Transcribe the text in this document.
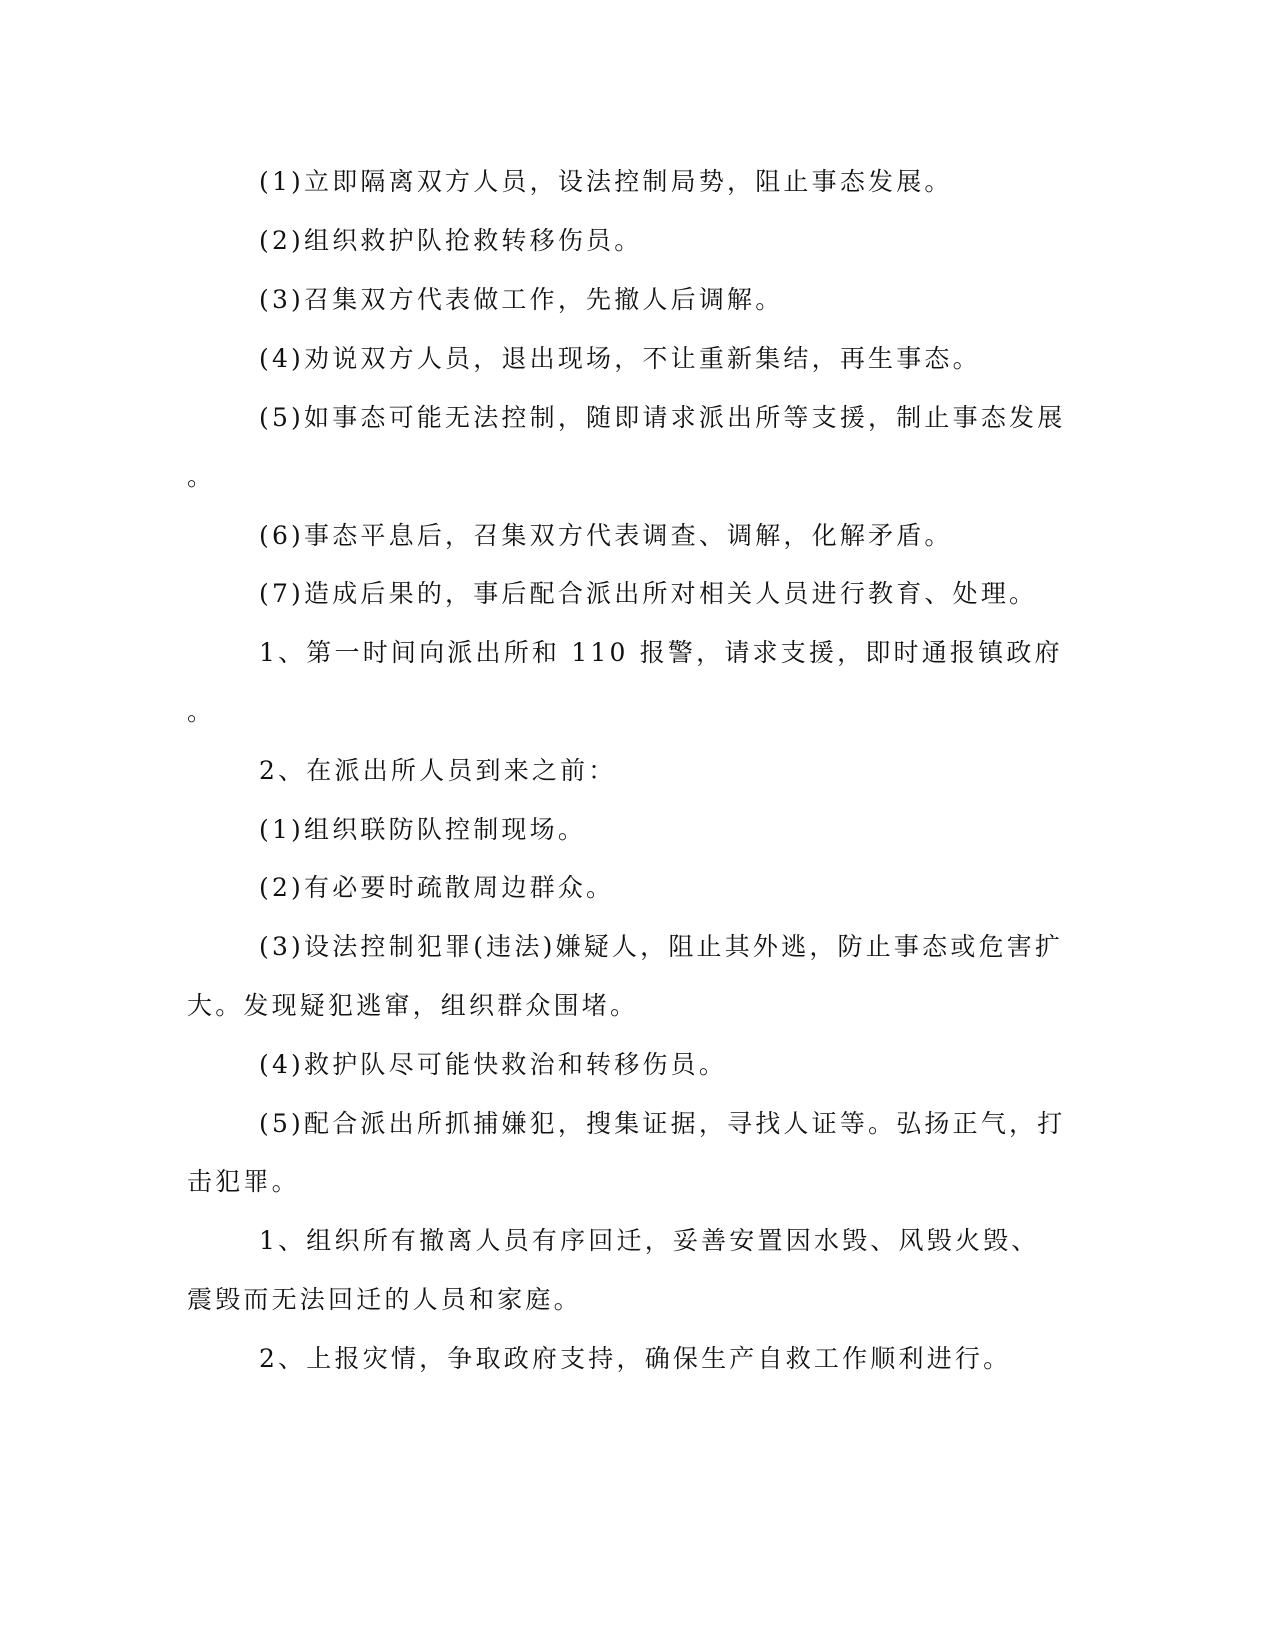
(1)立即隔离双方人员，设法控制局势，阻止事态发展。
(2)组织救护队抢救转移伤员。
(3)召集双方代表做工作，先撤人后调解。
(4)劝说双方人员，退出现场，不让重新集结，再生事态。
(5)如事态可能无法控制，随即请求派出所等支援，制止事态发展
。
(6)事态平息后，召集双方代表调查、调解，化解矛盾。
(7)造成后果的，事后配合派出所对相关人员进行教育、处理。
1、第一时间向派出所和 110 报警，请求支援，即时通报镇政府
。
2、在派出所人员到来之前：
(1)组织联防队控制现场。
(2)有必要时疏散周边群众。
(3)设法控制犯罪(违法)嫌疑人，阻止其外逃，防止事态或危害扩
大。发现疑犯逃窜，组织群众围堵。
(4)救护队尽可能快救治和转移伤员。
(5)配合派出所抓捕嫌犯，搜集证据，寻找人证等。弘扬正气，打
击犯罪。
1、组织所有撤离人员有序回迁，妥善安置因水毁、风毁火毁、
震毁而无法回迁的人员和家庭。
2、上报灾情，争取政府支持，确保生产自救工作顺利进行。
